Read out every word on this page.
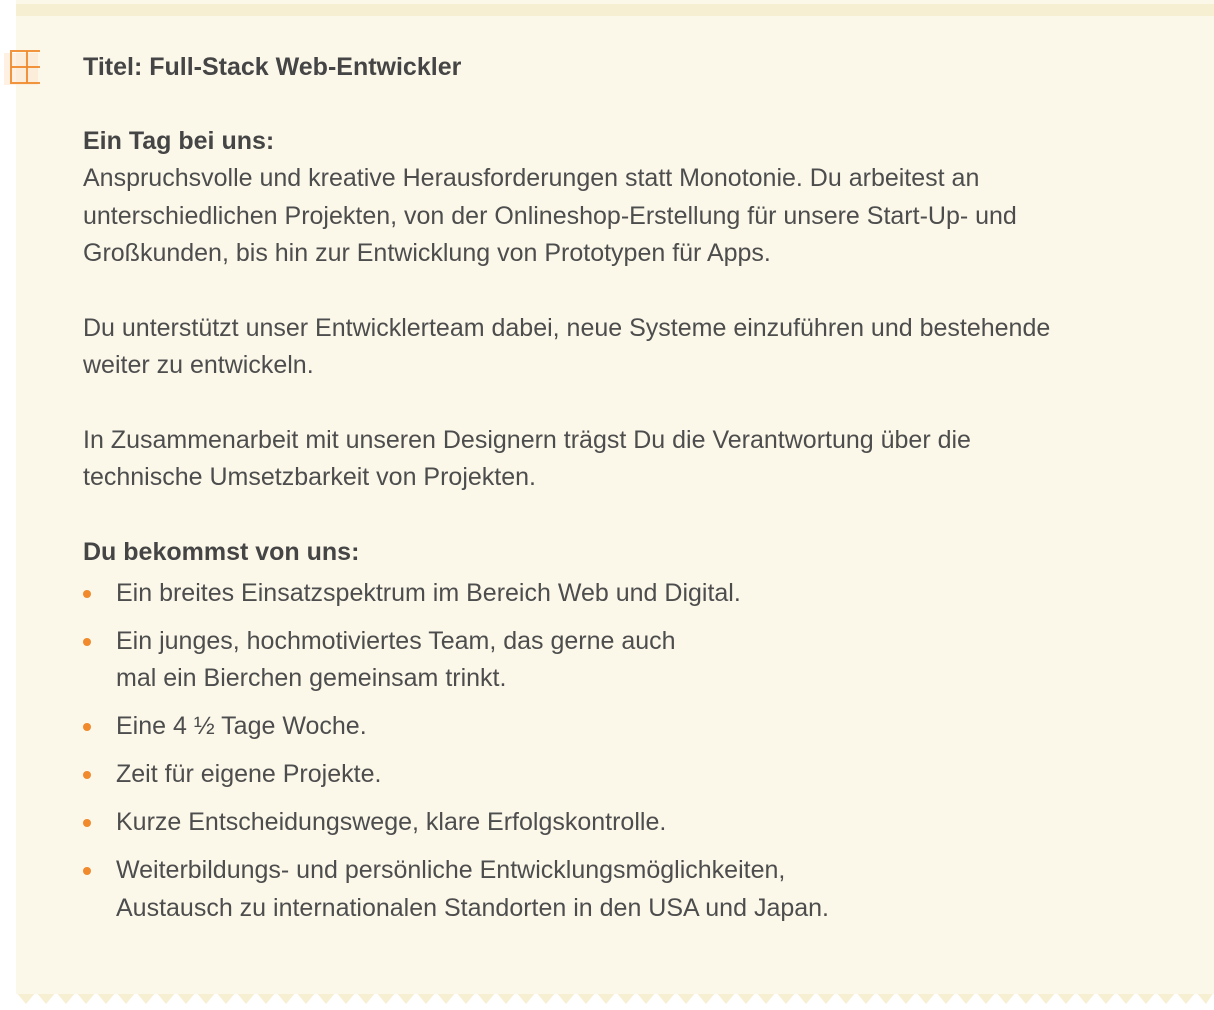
Titel: Full-Stack Web-Entwickler
Ein Tag bei uns:

Anspruchsvolle und kreative Herausforderungen statt Monotonie. Du arbeitest an
unterschiedlichen Projekten, von der Onlineshop-Erstellung für unsere Start-Up- und
Großkunden, bis hin zur Entwicklung von Prototypen für Apps.

Du unterstützt unser Entwicklerteam dabei, neue Systeme einzuführen und bestehende
weiter zu entwickeln.

In Zusammenarbeit mit unseren Designern trägst Du die Verantwortung über die
technische Umsetzbarkeit von Projekten.

Du bekommst von uns:
Ein breites Einsatzspektrum im Bereich Web und Digital.
Ein junges, hochmotiviertes Team, das gerne auch
mal ein Bierchen gemeinsam trinkt.
Eine 4 ½ Tage Woche.
Zeit für eigene Projekte.
Kurze Entscheidungswege, klare Erfolgskontrolle.
Weiterbildungs- und persönliche Entwicklungsmöglichkeiten,
Austausch zu internationalen Standorten in den USA und Japan.
